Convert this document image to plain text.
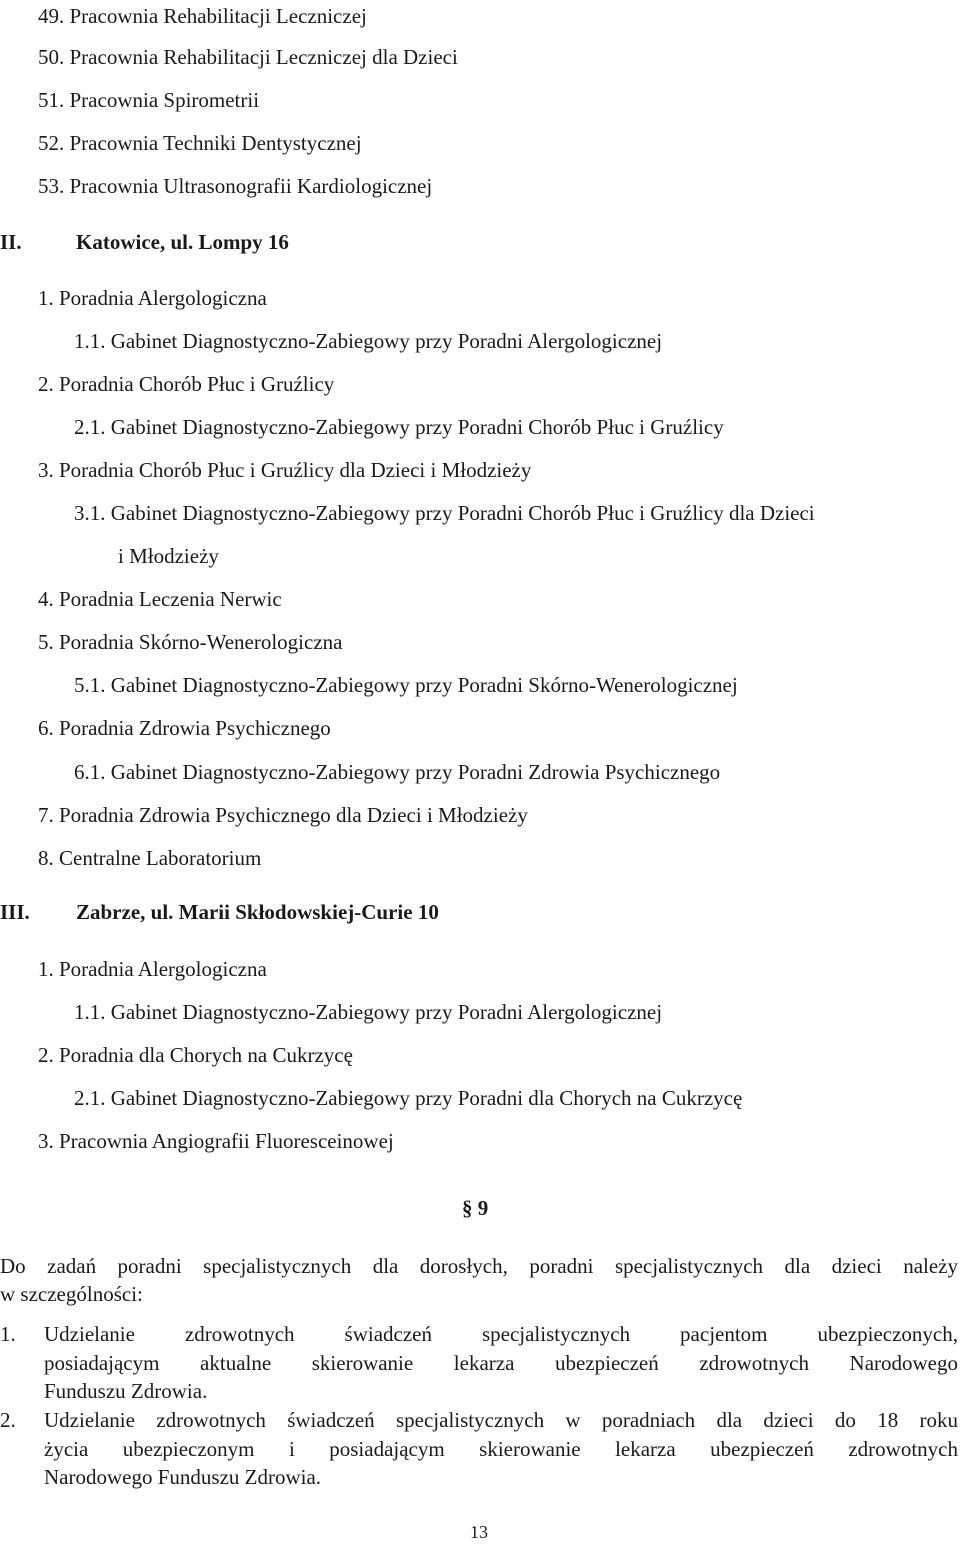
49. Pracownia Rehabilitacji Leczniczej
50. Pracownia Rehabilitacji Leczniczej dla Dzieci
51. Pracownia Spirometrii
52. Pracownia Techniki Dentystycznej
53. Pracownia Ultrasonografii Kardiologicznej
II.	Katowice, ul. Lompy 16
1. Poradnia Alergologiczna
1.1. Gabinet Diagnostyczno-Zabiegowy przy Poradni Alergologicznej
2. Poradnia Chorób Płuc i Gruźlicy
2.1. Gabinet Diagnostyczno-Zabiegowy przy Poradni Chorób Płuc i Gruźlicy
3. Poradnia Chorób Płuc i Gruźlicy dla Dzieci i Młodzieży
3.1. Gabinet Diagnostyczno-Zabiegowy przy Poradni Chorób Płuc i Gruźlicy dla Dzieci
i Młodzieży
4. Poradnia Leczenia Nerwic
5. Poradnia Skórno-Wenerologiczna
5.1. Gabinet Diagnostyczno-Zabiegowy przy Poradni Skórno-Wenerologicznej
6. Poradnia Zdrowia Psychicznego
6.1. Gabinet Diagnostyczno-Zabiegowy przy Poradni Zdrowia Psychicznego
7. Poradnia Zdrowia Psychicznego dla Dzieci i Młodzieży
8. Centralne Laboratorium
III. Zabrze, ul. Marii Skłodowskiej-Curie 10
1. Poradnia Alergologiczna
1.1. Gabinet Diagnostyczno-Zabiegowy przy Poradni Alergologicznej
2. Poradnia dla Chorych na Cukrzycę
2.1. Gabinet Diagnostyczno-Zabiegowy przy Poradni dla Chorych na Cukrzycę
3. Pracownia Angiografii Fluoresceinowej
§ 9
Do zadań poradni specjalistycznych dla dorosłych, poradni specjalistycznych dla dzieci należy
w szczególności:
1. Udzielanie zdrowotnych świadczeń specjalistycznych pacjentom ubezpieczonych,
posiadającym aktualne skierowanie lekarza ubezpieczeń zdrowotnych Narodowego
Funduszu Zdrowia.
2. Udzielanie zdrowotnych świadczeń specjalistycznych w poradniach dla dzieci do 18 roku
życia ubezpieczonym i posiadającym skierowanie lekarza ubezpieczeń zdrowotnych
Narodowego Funduszu Zdrowia.
13
